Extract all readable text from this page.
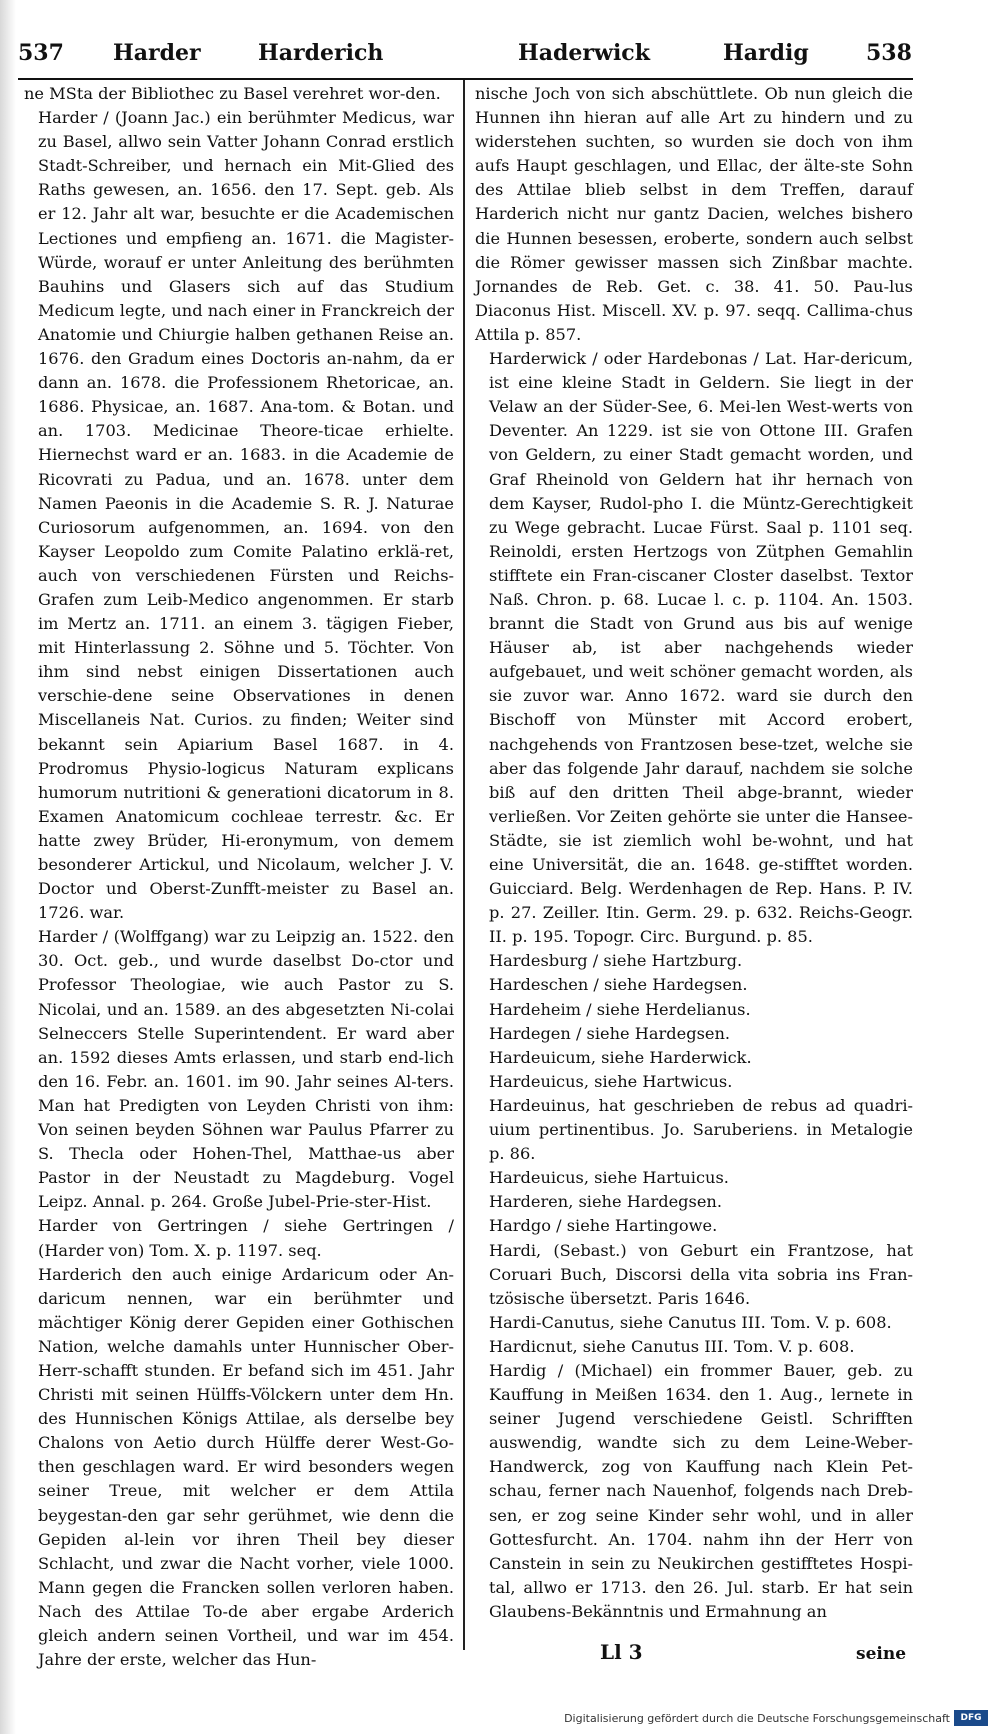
537 Harder	Harderich	Haderwick	Hardig	538

ne MSta der Bibliothec zu Basel verehret wor-den.

Harder / (Joann Jac.) ein berühmter Medicus, war zu Basel, allwo sein Vatter Johann Conrad erstlich Stadt-Schreiber, und hernach ein Mit-Glied des Raths gewesen, an. 1656. den 17. Sept. geb. Als er 12. Jahr alt war, besuchte er die Academischen Lectiones und empfieng an. 1671. die Magister-Würde, worauf er unter Anleitung des berühmten Bauhins und Glasers sich auf das Studium Medicum legte, und nach einer in Franckreich der Anatomie und Chiurgie halben gethanen Reise an. 1676. den Gradum eines Doctoris an-nahm, da er dann an. 1678. die Professionem Rhetoricae, an. 1686. Physicae, an. 1687. Ana-tom. & Botan. und an. 1703. Medicinae Theore-ticae erhielte. Hiernechst ward er an. 1683. in die Academie de Ricovrati zu Padua, und an. 1678. unter dem Namen Paeonis in die Academie S. R. J. Naturae Curiosorum aufgenommen, an. 1694. von den Kayser Leopoldo zum Comite Palatino erklä-ret, auch von verschiedenen Fürsten und Reichs-Grafen zum Leib-Medico angenommen. Er starb im Mertz an. 1711. an einem 3. tägigen Fieber, mit Hinterlassung 2. Söhne und 5. Töchter. Von ihm sind nebst einigen Dissertationen auch verschie-dene seine Observationes in denen Miscellaneis Nat. Curios. zu finden; Weiter sind bekannt sein Apiarium Basel 1687. in 4. Prodromus Physio-logicus Naturam explicans humorum nutritioni & generationi dicatorum in 8. Examen Anatomicum cochleae terrestr. &c. Er hatte zwey Brüder, Hi-eronymum, von demem besonderer Artickul, und Nicolaum, welcher J. V. Doctor und Oberst-Zunfft-meister zu Basel an. 1726. war.

Harder / (Wolffgang) war zu Leipzig an. 1522. den 30. Oct. geb., und wurde daselbst Do-ctor und Professor Theologiae, wie auch Pastor zu S. Nicolai, und an. 1589. an des abgesetzten Ni-colai Selneccers Stelle Superintendent. Er ward aber an. 1592 dieses Amts erlassen, und starb end-lich den 16. Febr. an. 1601. im 90. Jahr seines Al-ters. Man hat Predigten von Leyden Christi von ihm: Von seinen beyden Söhnen war Paulus Pfarrer zu S. Thecla oder Hohen-Thel, Matthae-us aber Pastor in der Neustadt zu Magdeburg. Vogel Leipz. Annal. p. 264. Große Jubel-Prie-ster-Hist.

Harder von Gertringen / siehe Gertringen / (Harder von) Tom. X. p. 1197. seq.

Harderich den auch einige Ardaricum oder An-daricum nennen, war ein berühmter und mächtiger König derer Gepiden einer Gothischen Nation, welche damahls unter Hunnischer Ober-Herr-schafft stunden. Er befand sich im 451. Jahr Christi mit seinen Hülffs-Völckern unter dem Hn. des Hunnischen Königs Attilae, als derselbe bey Chalons von Aetio durch Hülffe derer West-Go-then geschlagen ward. Er wird besonders wegen seiner Treue, mit welcher er dem Attila beygestan-den gar sehr gerühmet, wie denn die Gepiden al-lein vor ihren Theil bey dieser Schlacht, und zwar die Nacht vorher, viele 1000. Mann gegen die Francken sollen verloren haben. Nach des Attilae To-de aber ergabe Arderich gleich andern seinen Vortheil, und war im 454. Jahre der erste, welcher das Hun-

nische Joch von sich abschüttlete. Ob nun gleich die Hunnen ihn hieran auf alle Art zu hindern und zu widerstehen suchten, so wurden sie doch von ihm aufs Haupt geschlagen, und Ellac, der älte-ste Sohn des Attilae blieb selbst in dem Treffen, darauf Harderich nicht nur gantz Dacien, welches bishero die Hunnen besessen, eroberte, sondern auch selbst die Römer gewisser massen sich Zinßbar machte. Jornandes de Reb. Get. c. 38. 41. 50. Pau-lus Diaconus Hist. Miscell. XV. p. 97. seqq. Callima-chus Attila p. 857.

Harderwick / oder Hardebonas / Lat. Har-dericum, ist eine kleine Stadt in Geldern. Sie liegt in der Velaw an der Süder-See, 6. Mei-len West-werts von Deventer. An 1229. ist sie von Ottone III. Grafen von Geldern, zu einer Stadt gemacht worden, und Graf Rheinold von Geldern hat ihr hernach von dem Kayser, Rudol-pho I. die Müntz-Gerechtigkeit zu Wege gebracht. Lucae Fürst. Saal p. 1101 seq. Reinoldi, ersten Hertzogs von Zütphen Gemahlin stifftete ein Fran-ciscaner Closter daselbst. Textor Naß. Chron. p. 68. Lucae l. c. p. 1104. An. 1503. brannt die Stadt von Grund aus bis auf wenige Häuser ab, ist aber nachgehends wieder aufgebauet, und weit schöner gemacht worden, als sie zuvor war. Anno 1672. ward sie durch den Bischoff von Münster mit Accord erobert, nachgehends von Frantzosen bese-tzet, welche sie aber das folgende Jahr darauf, nachdem sie solche biß auf den dritten Theil abge-brannt, wieder verließen. Vor Zeiten gehörte sie unter die Hansee-Städte, sie ist ziemlich wohl be-wohnt, und hat eine Universität, die an. 1648. ge-stifftet worden. Guicciard. Belg. Werdenhagen de Rep. Hans. P. IV. p. 27. Zeiller. Itin. Germ. 29. p. 632. Reichs-Geogr. II. p. 195. Topogr. Circ. Burgund. p. 85.

Hardesburg / siehe Hartzburg.

Hardeschen / siehe Hardegsen.

Hardeheim / siehe Herdelianus.

Hardegen / siehe Hardegsen.

Hardeuicum, siehe Harderwick.

Hardeuicus, siehe Hartwicus.

Hardeuinus, hat geschrieben de rebus ad quadri-uium pertinentibus. Jo. Saruberiens. in Metalogie p. 86.

Hardeuicus, siehe Hartuicus.

Harderen, siehe Hardegsen.

Hardgo / siehe Hartingowe.

Hardi, (Sebast.) von Geburt ein Frantzose, hat Coruari Buch, Discorsi della vita sobria ins Fran-tzösische übersetzt. Paris 1646.

Hardi-Canutus, siehe Canutus III. Tom. V. p. 608.

Hardicnut, siehe Canutus III. Tom. V. p. 608.

Hardig / (Michael) ein frommer Bauer, geb. zu Kauffung in Meißen 1634. den 1. Aug., lernete in seiner Jugend verschiedene Geistl. Schrifften auswendig, wandte sich zu dem Leine-Weber-Handwerck, zog von Kauffung nach Klein Pet-schau, ferner nach Nauenhof, folgends nach Dreb-sen, er zog seine Kinder sehr wohl, und in aller Gottesfurcht. An. 1704. nahm ihn der Herr von Canstein in sein zu Neukirchen gestifftetes Hospi-tal, allwo er 1713. den 26. Jul. starb. Er hat sein Glaubens-Bekänntnis und Ermahnung an

Ll 3	seine
Digitalisierung gefördert durch die Deutsche Forschungsgemeinschaft	DFG
